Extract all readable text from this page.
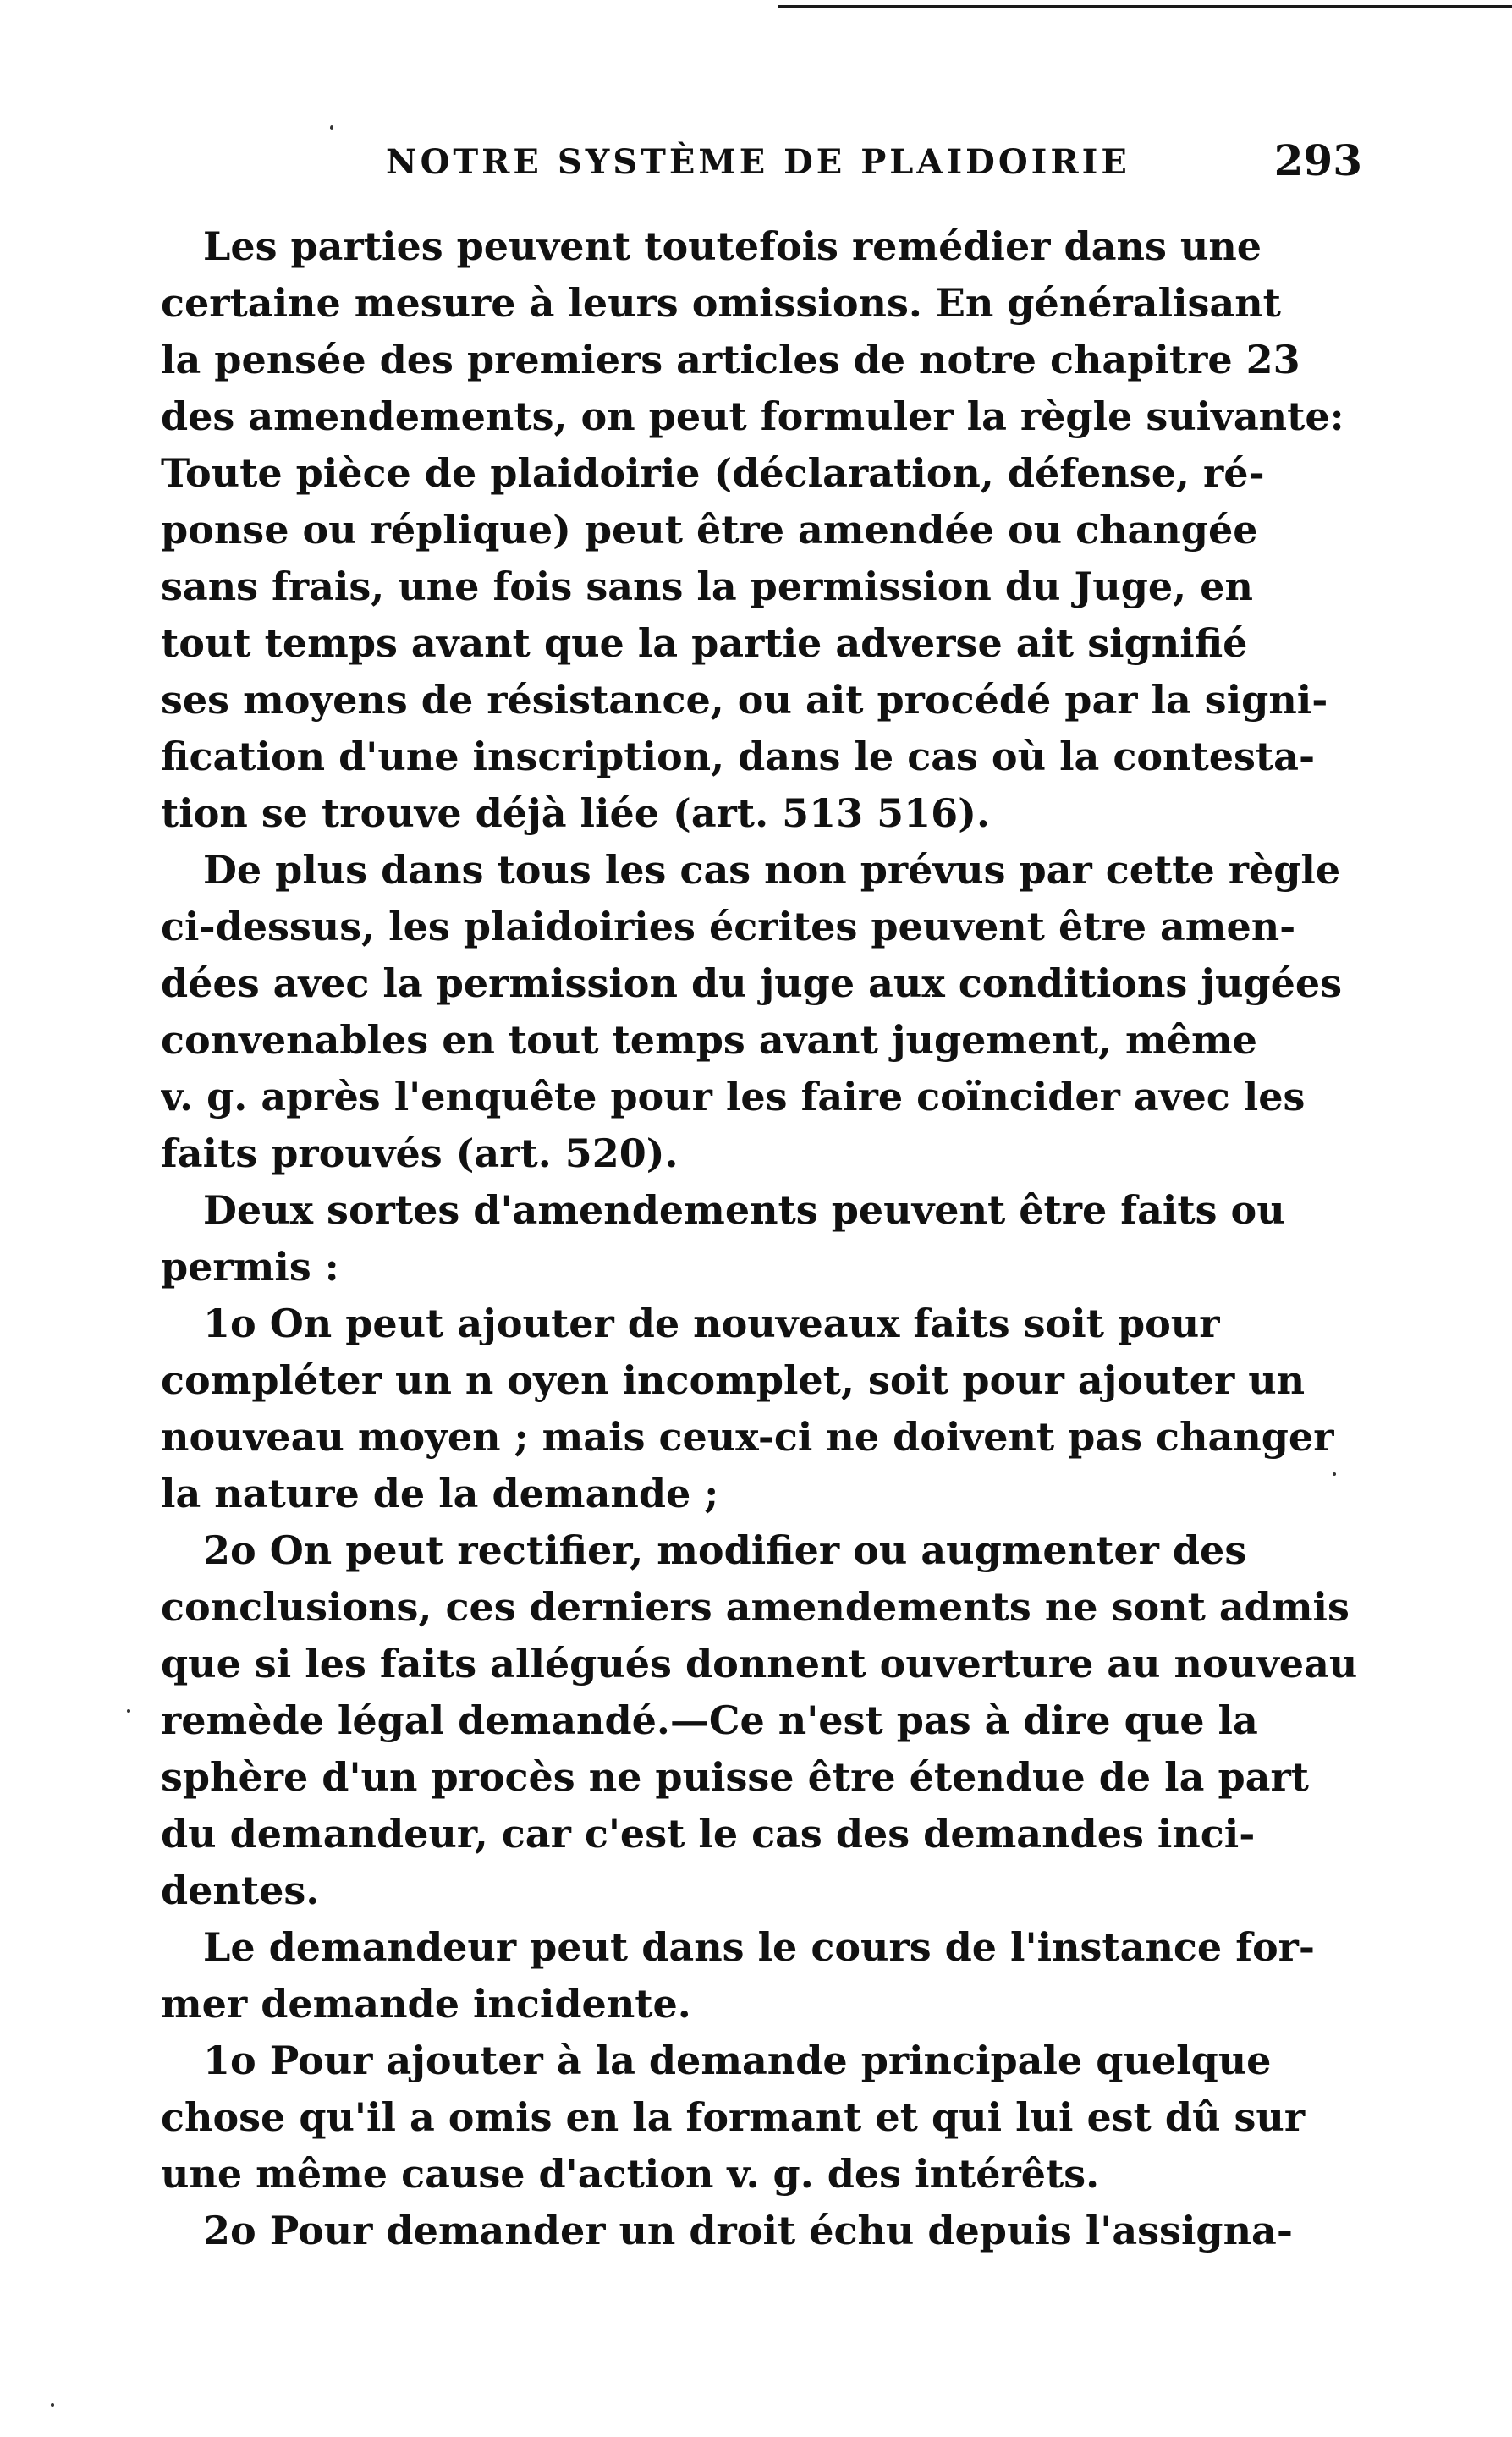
NOTRE SYSTÈME DE PLAIDOIRIE	293
Les parties peuvent toutefois remédier dans une
certaine mesure à leurs omissions. En généralisant
la pensée des premiers articles de notre chapitre 23
des amendements, on peut formuler la règle suivante:
Toute pièce de plaidoirie (déclaration, défense, ré-
ponse ou réplique) peut être amendée ou changée
sans frais, une fois sans la permission du Juge, en
tout temps avant que la partie adverse ait signifié
ses moyens de résistance, ou ait procédé par la signi-
fication d'une inscription, dans le cas où la contesta-
tion se trouve déjà liée (art. 513 516).
De plus dans tous les cas non prévus par cette règle
ci-dessus, les plaidoiries écrites peuvent être amen-
dées avec la permission du juge aux conditions jugées
convenables en tout temps avant jugement, même
v. g. après l'enquête pour les faire coïncider avec les
faits prouvés (art. 520).
Deux sortes d'amendements peuvent être faits ou
permis :
1o On peut ajouter de nouveaux faits soit pour
compléter un n oyen incomplet, soit pour ajouter un
nouveau moyen ; mais ceux-ci ne doivent pas changer
la nature de la demande ;
2o On peut rectifier, modifier ou augmenter des
conclusions, ces derniers amendements ne sont admis
que si les faits allégués donnent ouverture au nouveau
remède légal demandé.—Ce n'est pas à dire que la
sphère d'un procès ne puisse être étendue de la part
du demandeur, car c'est le cas des demandes inci-
dentes.
Le demandeur peut dans le cours de l'instance for-
mer demande incidente.
1o Pour ajouter à la demande principale quelque
chose qu'il a omis en la formant et qui lui est dû sur
une même cause d'action v. g. des intérêts.
2o Pour demander un droit échu depuis l'assigna-
